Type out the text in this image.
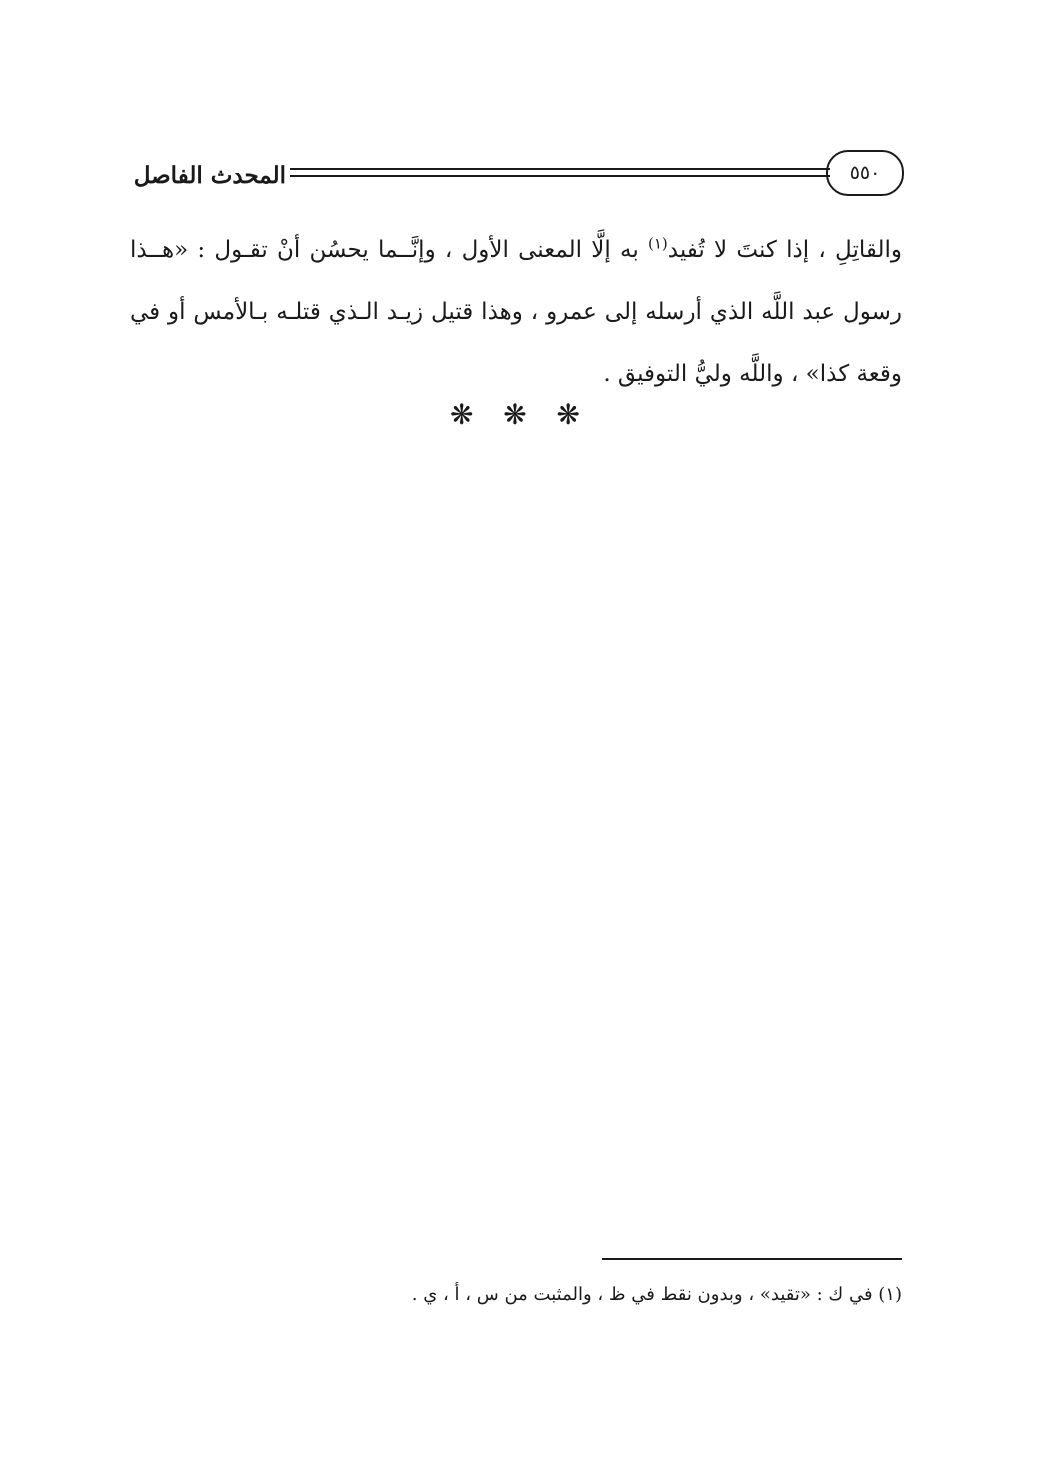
٥٥٠
المحدث الفاصل
والقاتِلِ ، إذا كنتَ لا تُفيد$^{(١)}$ به إلَّا المعنى الأول ، وإنَّــما يحسُن أنْ تقـول : «هــذا
رسول عبد اللَّه الذي أرسله إلى عمرو ، وهذا قتيل زيـد الـذي قتلـه بـالأمس أو في
وقعة كذا» ، واللَّه وليُّ التوفيق .
❋ ❋ ❋
(١) في ك : «تقيد» ، وبدون نقط في ظ ، والمثبت من س ، أ ، ي .
